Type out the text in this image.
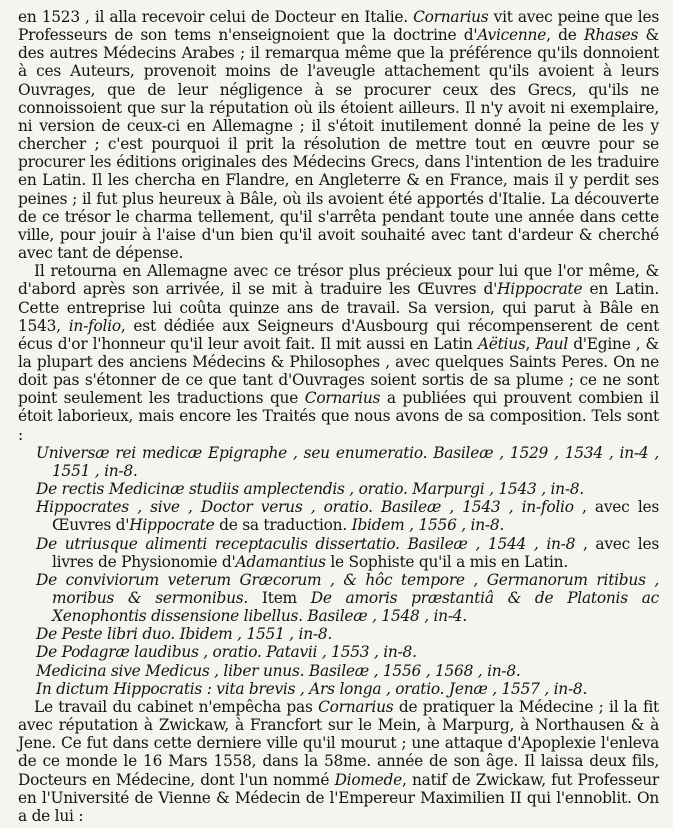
en 1523 , il alla recevoir celui de Docteur en Italie. Cornarius vit avec peine que les Professeurs de son tems n'enseignoient que la doctrine d'Avicenne, de Rhases & des autres Médecins Arabes ; il remarqua même que la préférence qu'ils donnoient à ces Auteurs, provenoit moins de l'aveugle attachement qu'ils avoient à leurs Ouvrages, que de leur négligence à se procurer ceux des Grecs, qu'ils ne connoissoient que sur la réputation où ils étoient ailleurs. Il n'y avoit ni exemplaire, ni version de ceux-ci en Allemagne ; il s'étoit inutilement donné la peine de les y chercher ; c'est pourquoi il prit la résolution de mettre tout en œuvre pour se procurer les éditions originales des Médecins Grecs, dans l'intention de les traduire en Latin. Il les chercha en Flandre, en Angleterre & en France, mais il y perdit ses peines ; il fut plus heureux à Bâle, où ils avoient été apportés d'Italie. La découverte de ce trésor le charma tellement, qu'il s'arrêta pendant toute une année dans cette ville, pour jouir à l'aise d'un bien qu'il avoit souhaité avec tant d'ardeur & cherché avec tant de dépense.

Il retourna en Allemagne avec ce trésor plus précieux pour lui que l'or même, & d'abord après son arrivée, il se mit à traduire les Œuvres d'Hippocrate en Latin. Cette entreprise lui coûta quinze ans de travail. Sa version, qui parut à Bâle en 1543, in-folio, est dédiée aux Seigneurs d'Ausbourg qui récompenserent de cent écus d'or l'honneur qu'il leur avoit fait. Il mit aussi en Latin Aëtius, Paul d'Egine , & la plupart des anciens Médecins & Philosophes , avec quelques Saints Peres. On ne doit pas s'étonner de ce que tant d'Ouvrages soient sortis de sa plume ; ce ne sont point seulement les traductions que Cornarius a publiées qui prouvent combien il étoit laborieux, mais encore les Traités que nous avons de sa composition. Tels sont :

Universæ rei medicæ Epigraphe , seu enumeratio. Basileæ , 1529 , 1534 , in-4 , 1551 , in-8.

De rectis Medicinæ studiis amplectendis , oratio. Marpurgi , 1543 , in-8.

Hippocrates , sive , Doctor verus , oratio. Basileæ , 1543 , in-folio , avec les Œuvres d'Hippocrate de sa traduction. Ibidem , 1556 , in-8.

De utriusque alimenti receptaculis dissertatio. Basileæ , 1544 , in-8 , avec les livres de Physionomie d'Adamantius le Sophiste qu'il a mis en Latin.

De conviviorum veterum Græcorum , & hôc tempore , Germanorum ritibus , moribus & sermonibus. Item De amoris præstantiâ & de Platonis ac Xenophontis dissensione libellus. Basileæ , 1548 , in-4.

De Peste libri duo. Ibidem , 1551 , in-8.

De Podagræ laudibus , oratio. Patavii , 1553 , in-8.

Medicina sive Medicus , liber unus. Basileæ , 1556 , 1568 , in-8.

In dictum Hippocratis : vita brevis , Ars longa , oratio. Jenæ , 1557 , in-8.

Le travail du cabinet n'empêcha pas Cornarius de pratiquer la Médecine ; il la fit avec réputation à Zwickaw, à Francfort sur le Mein, à Marpurg, à Northausen & à Jene. Ce fut dans cette derniere ville qu'il mourut ; une attaque d'Apoplexie l'enleva de ce monde le 16 Mars 1558, dans la 58me. année de son âge. Il laissa deux fils, Docteurs en Médecine, dont l'un nommé Diomede, natif de Zwickaw, fut Professeur en l'Université de Vienne & Médecin de l'Empereur Maximilien II qui l'ennoblit. On a de lui :
